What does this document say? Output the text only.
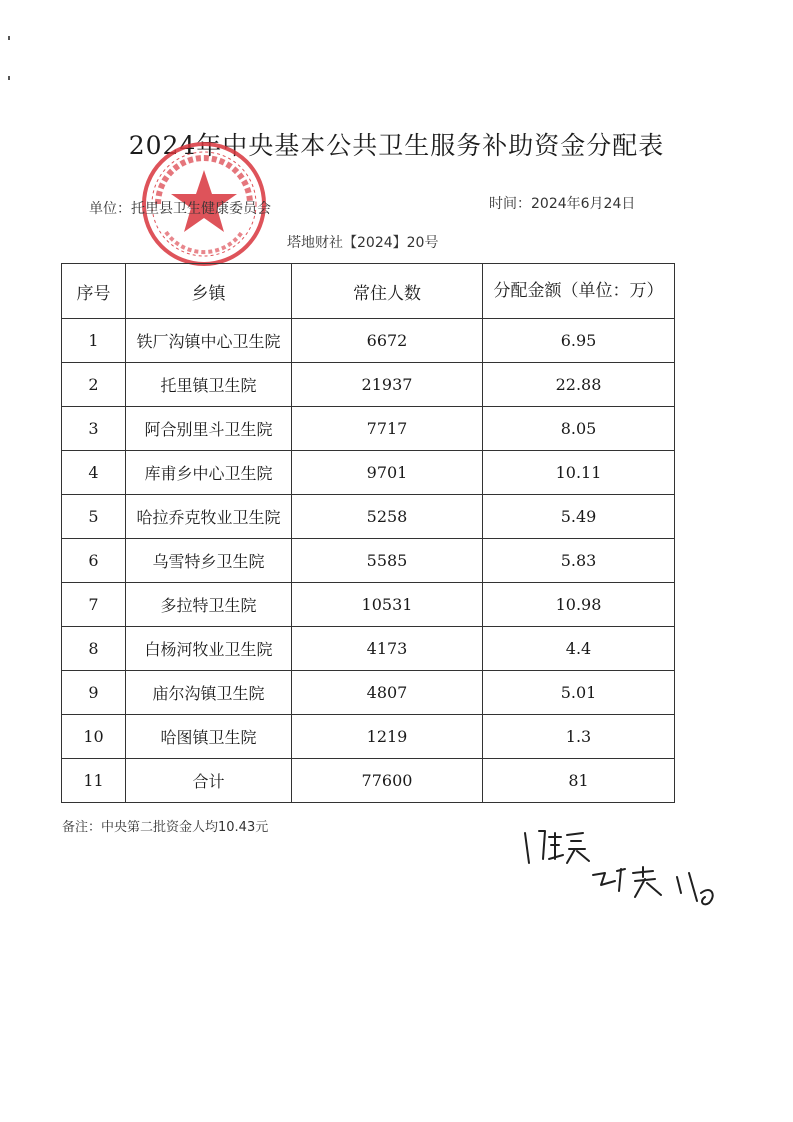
2024年中央基本公共卫生服务补助资金分配表
单位：托里县卫生健康委员会	时间：2024年6月24日
塔地财社【2024】20号
序号	乡镇	常住人数	分配金额（单位：万）
1	铁厂沟镇中心卫生院	6672	6.95
2	托里镇卫生院	21937	22.88
3	阿合别里斗卫生院	7717	8.05
4	库甫乡中心卫生院	9701	10.11
5	哈拉乔克牧业卫生院	5258	5.49
6	乌雪特乡卫生院	5585	5.83
7	多拉特卫生院	10531	10.98
8	白杨河牧业卫生院	4173	4.4
9	庙尔沟镇卫生院	4807	5.01
10	哈图镇卫生院	1219	1.3
11	合计	77600	81
备注：中央第二批资金人均10.43元
